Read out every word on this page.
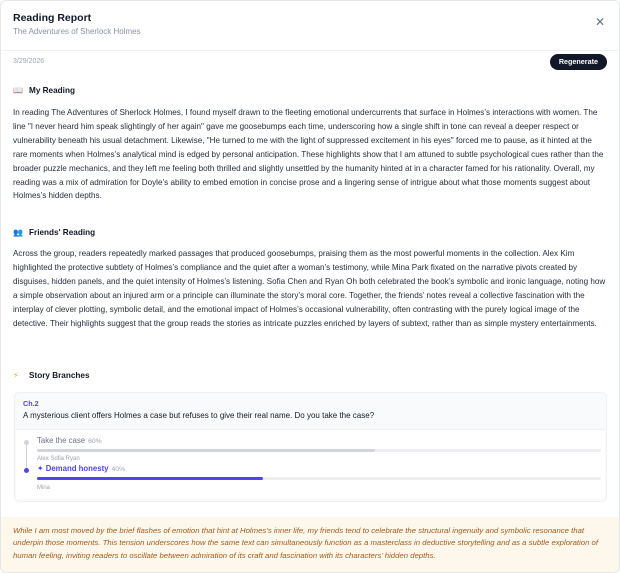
Reading Report
The Adventures of Sherlock Holmes
✕
3/29/2026	Regenerate
📖 My Reading
In reading The Adventures of Sherlock Holmes, I found myself drawn to the fleeting emotional undercurrents that surface in Holmes’s interactions with women. The line "I never heard him speak slightingly of her again" gave me goosebumps each time, underscoring how a single shift in tone can reveal a deeper respect or vulnerability beneath his usual detachment. Likewise, "He turned to me with the light of suppressed excitement in his eyes" forced me to pause, as it hinted at the rare moments when Holmes’s analytical mind is edged by personal anticipation. These highlights show that I am attuned to subtle psychological cues rather than the broader puzzle mechanics, and they left me feeling both thrilled and slightly unsettled by the humanity hinted at in a character famed for his rationality. Overall, my reading was a mix of admiration for Doyle’s ability to embed emotion in concise prose and a lingering sense of intrigue about what those moments suggest about Holmes’s hidden depths.
👥 Friends' Reading
Across the group, readers repeatedly marked passages that produced goosebumps, praising them as the most powerful moments in the collection. Alex Kim highlighted the protective subtlety of Holmes’s compliance and the quiet after a woman’s testimony, while Mina Park fixated on the narrative pivots created by disguises, hidden panels, and the quiet intensity of Holmes’s listening. Sofia Chen and Ryan Oh both celebrated the book’s symbolic and ironic language, noting how a simple observation about an injured arm or a principle can illuminate the story’s moral core. Together, the friends’ notes reveal a collective fascination with the interplay of clever plotting, symbolic detail, and the emotional impact of Holmes’s occasional vulnerability, often contrasting with the purely logical image of the detective. Their highlights suggest that the group reads the stories as intricate puzzles enriched by layers of subtext, rather than as simple mystery entertainments.
⚡	Story Branches
Ch.2
A mysterious client offers Holmes a case but refuses to give their real name. Do you take the case?
Take the case 60%
Alex Sofia Ryan
✦ Demand honesty 40%
Mina
While I am most moved by the brief flashes of emotion that hint at Holmes’s inner life, my friends tend to celebrate the structural ingenuity and symbolic resonance that underpin those moments. This tension underscores how the same text can simultaneously function as a masterclass in deductive storytelling and as a subtle exploration of human feeling, inviting readers to oscillate between admiration of its craft and fascination with its characters’ hidden depths.
